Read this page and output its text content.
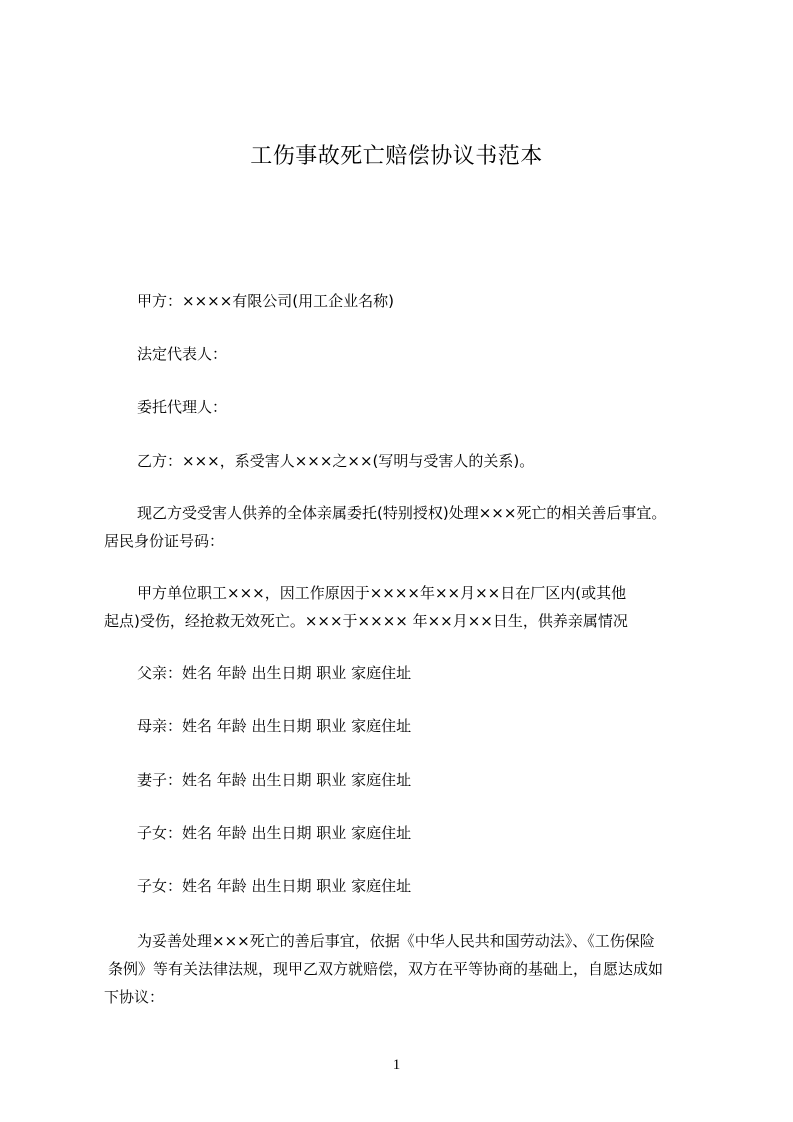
工伤事故死亡赔偿协议书范本
甲方：××××有限公司(用工企业名称)
法定代表人：
委托代理人：
乙方：×××，系受害人×××之××(写明与受害人的关系)。
现乙方受受害人供养的全体亲属委托(特别授权)处理×××死亡的相关善后事宜。
居民身份证号码：
甲方单位职工×××，因工作原因于××××年××月××日在厂区内(或其他
起点)受伤，经抢救无效死亡。×××于×××× 年××月××日生，供养亲属情况
父亲：姓名 年龄 出生日期 职业 家庭住址
母亲：姓名 年龄 出生日期 职业 家庭住址
妻子：姓名 年龄 出生日期 职业 家庭住址
子女：姓名 年龄 出生日期 职业 家庭住址
子女：姓名 年龄 出生日期 职业 家庭住址
为妥善处理×××死亡的善后事宜，依据《中华人民共和国劳动法》、《工伤保险
条例》等有关法律法规，现甲乙双方就赔偿，双方在平等协商的基础上，自愿达成如
下协议：
1
